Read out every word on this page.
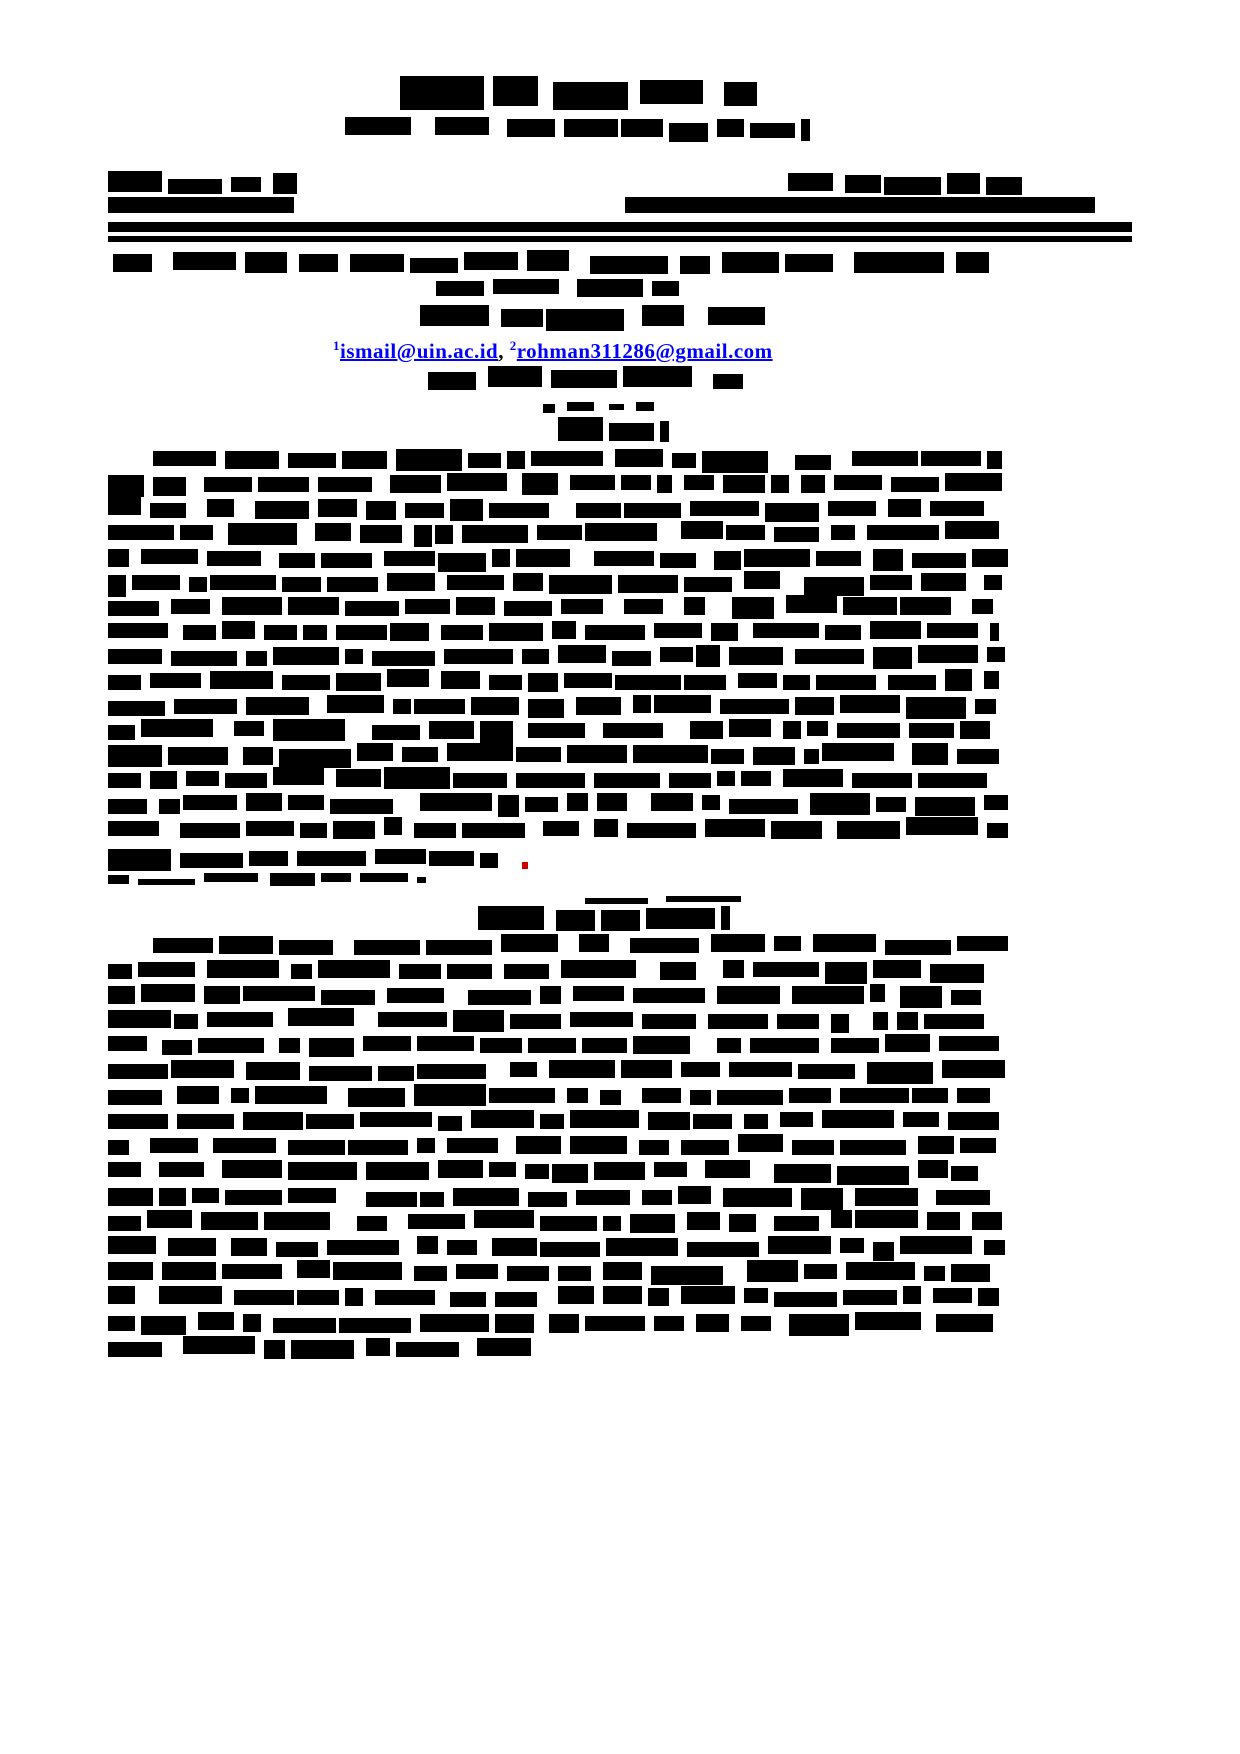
$^1$ismail@uin.ac.id, $^2$rohman311286@gmail.com
